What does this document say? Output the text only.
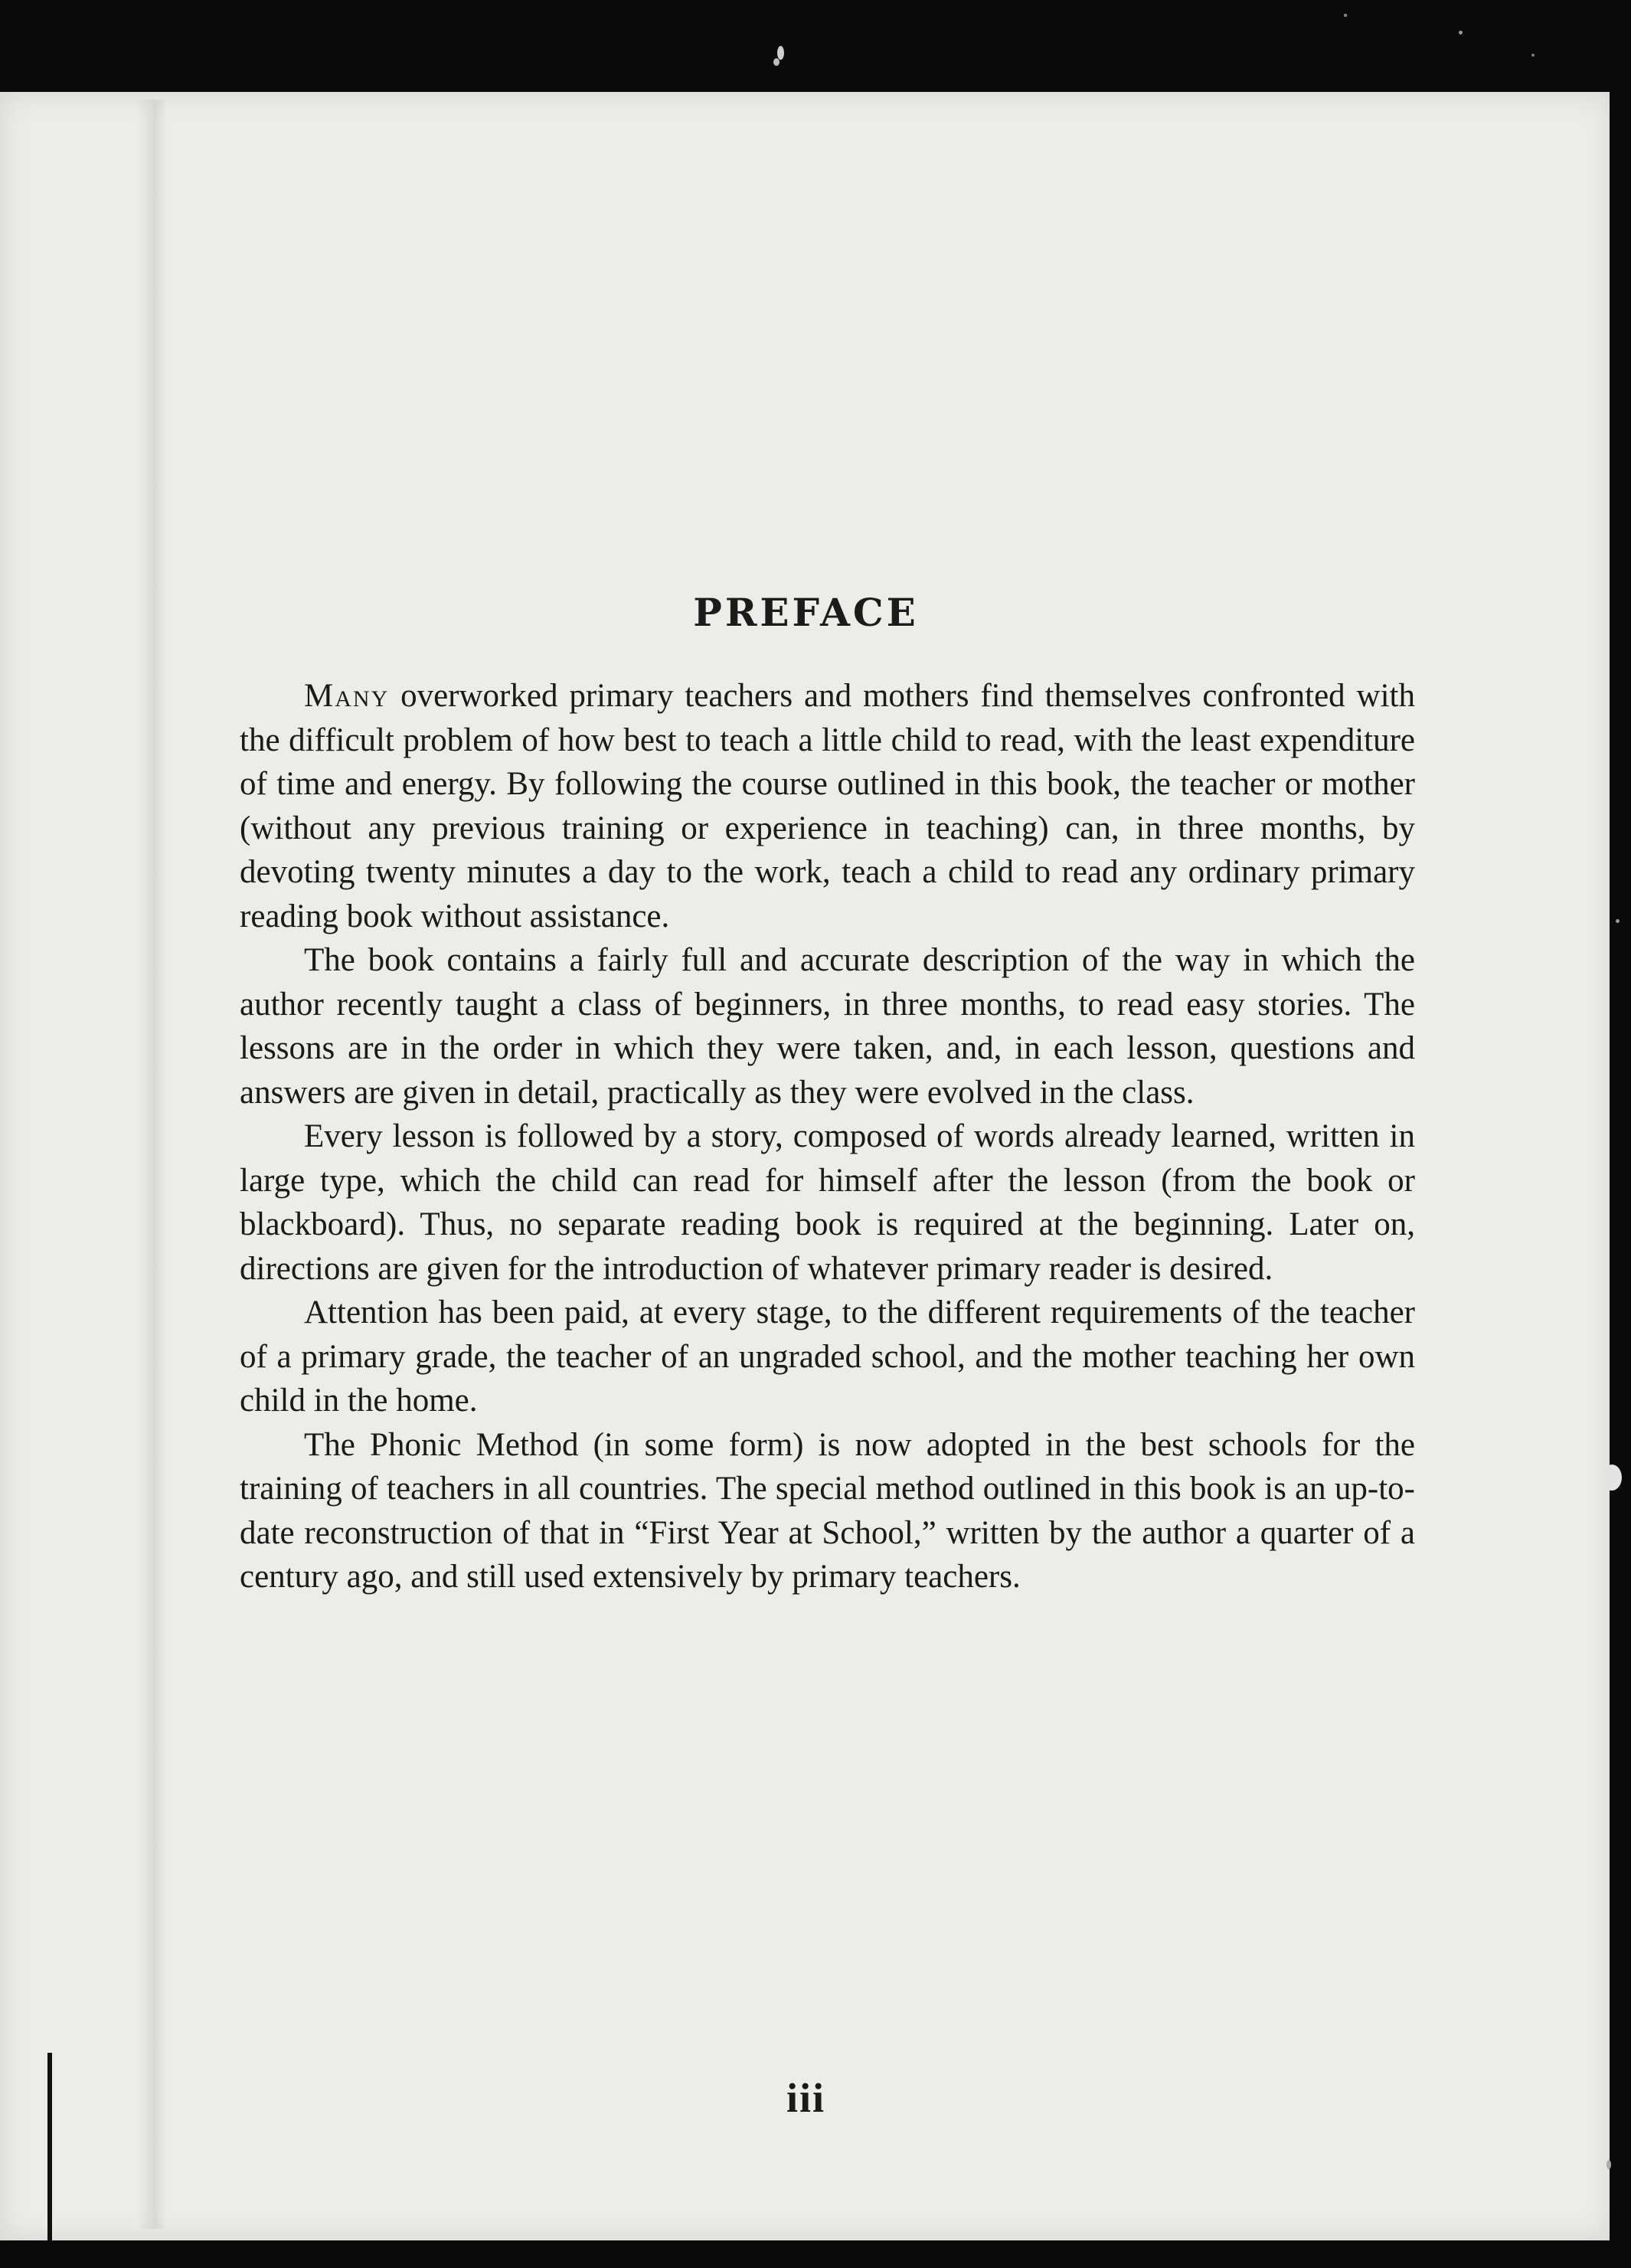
PREFACE

Many overworked primary teachers and mothers find themselves confronted with the difficult problem of how best to teach a little child to read, with the least expenditure of time and energy. By following the course outlined in this book, the teacher or mother (without any previous training or experience in teaching) can, in three months, by devoting twenty minutes a day to the work, teach a child to read any ordinary primary reading book without assistance.

The book contains a fairly full and accurate description of the way in which the author recently taught a class of beginners, in three months, to read easy stories. The lessons are in the order in which they were taken, and, in each lesson, questions and answers are given in detail, practically as they were evolved in the class.

Every lesson is followed by a story, composed of words already learned, written in large type, which the child can read for himself after the lesson (from the book or blackboard). Thus, no separate reading book is required at the beginning. Later on, directions are given for the introduction of whatever primary reader is desired.

Attention has been paid, at every stage, to the different requirements of the teacher of a primary grade, the teacher of an ungraded school, and the mother teaching her own child in the home.

The Phonic Method (in some form) is now adopted in the best schools for the training of teachers in all countries. The special method outlined in this book is an up-to-date reconstruction of that in “First Year at School,” written by the author a quarter of a century ago, and still used extensively by primary teachers.

iii
